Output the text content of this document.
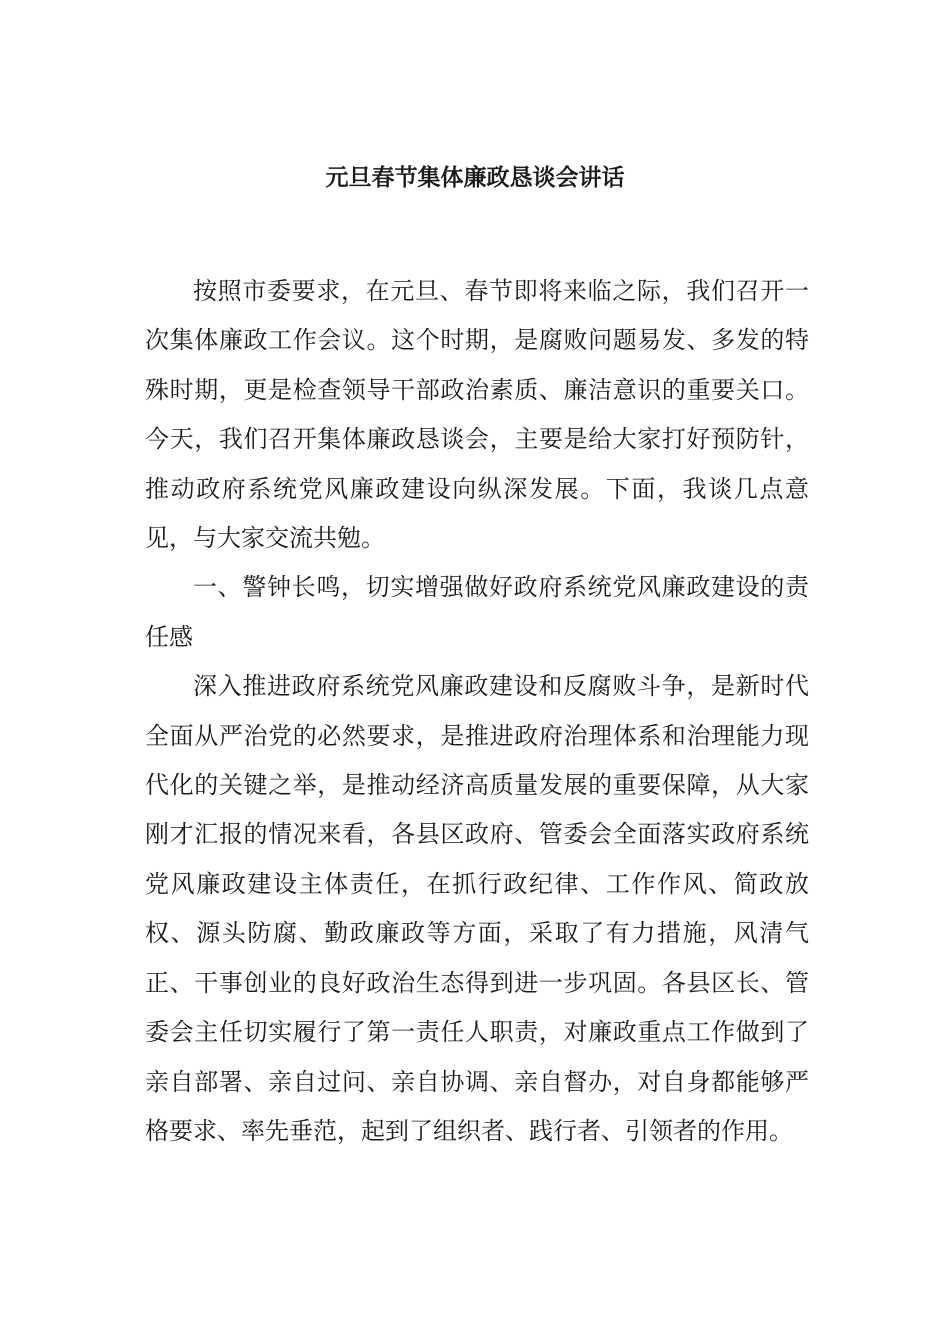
元旦春节集体廉政恳谈会讲话

按照市委要求，在元旦、春节即将来临之际，我们召开一次集体廉政工作会议。这个时期，是腐败问题易发、多发的特殊时期，更是检查领导干部政治素质、廉洁意识的重要关口。今天，我们召开集体廉政恳谈会，主要是给大家打好预防针，推动政府系统党风廉政建设向纵深发展。下面，我谈几点意见，与大家交流共勉。

一、警钟长鸣，切实增强做好政府系统党风廉政建设的责任感

深入推进政府系统党风廉政建设和反腐败斗争，是新时代全面从严治党的必然要求，是推进政府治理体系和治理能力现代化的关键之举，是推动经济高质量发展的重要保障，从大家刚才汇报的情况来看，各县区政府、管委会全面落实政府系统党风廉政建设主体责任，在抓行政纪律、工作作风、简政放权、源头防腐、勤政廉政等方面，采取了有力措施，风清气正、干事创业的良好政治生态得到进一步巩固。各县区长、管委会主任切实履行了第一责任人职责，对廉政重点工作做到了亲自部署、亲自过问、亲自协调、亲自督办，对自身都能够严格要求、率先垂范，起到了组织者、践行者、引领者的作用。
